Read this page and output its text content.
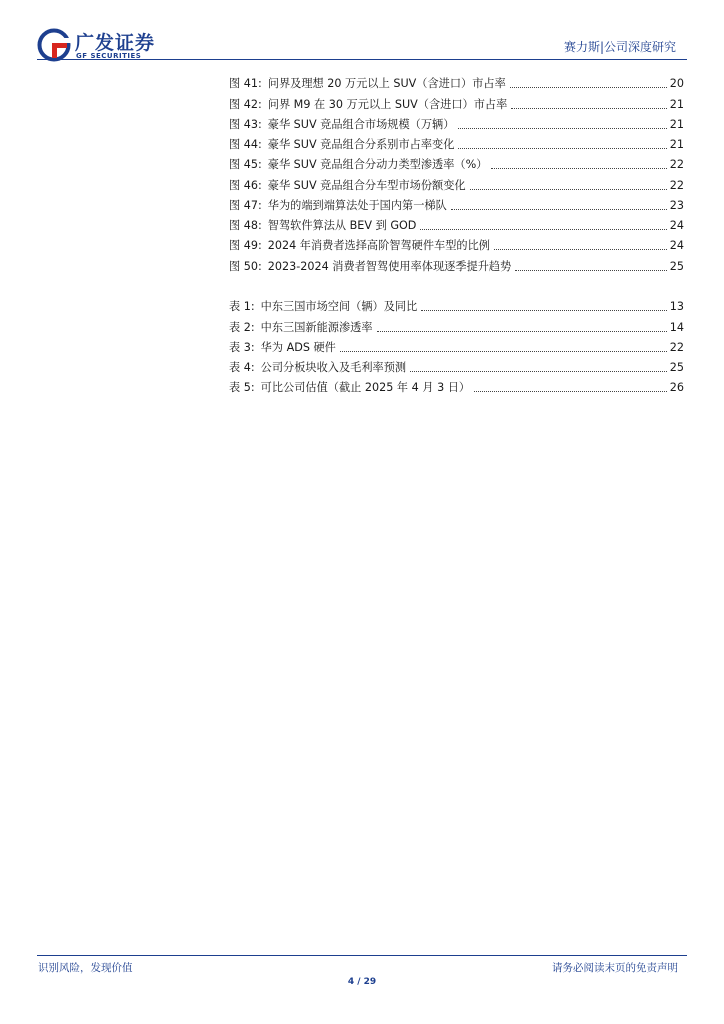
广发证券
GF SECURITIES
赛力斯|公司深度研究
图 41: 问界及理想 20 万元以上 SUV（含进口）市占率	20
图 42: 问界 M9 在 30 万元以上 SUV（含进口）市占率	21
图 43: 豪华 SUV 竞品组合市场规模（万辆）	21
图 44: 豪华 SUV 竞品组合分系别市占率变化	21
图 45: 豪华 SUV 竞品组合分动力类型渗透率（%）	22
图 46: 豪华 SUV 竞品组合分车型市场份额变化	22
图 47: 华为的端到端算法处于国内第一梯队	23
图 48: 智驾软件算法从 BEV 到 GOD	24
图 49: 2024 年消费者选择高阶智驾硬件车型的比例	24
图 50: 2023-2024 消费者智驾使用率体现逐季提升趋势	25
表 1: 中东三国市场空间（辆）及同比	13
表 2: 中东三国新能源渗透率	14
表 3: 华为 ADS 硬件	22
表 4: 公司分板块收入及毛利率预测	25
表 5: 可比公司估值（截止 2025 年 4 月 3 日）	26
识别风险，发现价值	请务必阅读末页的免责声明
4 / 29
